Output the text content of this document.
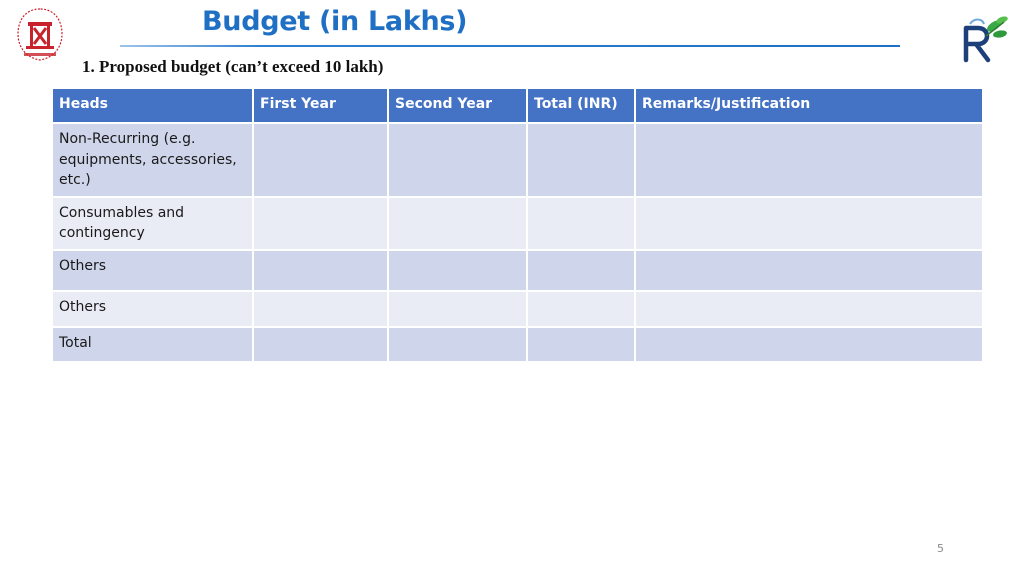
Budget (in Lakhs)
1. Proposed budget (can’t exceed 10 lakh)
Heads	First Year	Second Year	Total (INR)	Remarks/Justification
Non-Recurring (e.g. equipments, accessories, etc.)				
Consumables and contingency				
Others				
Others				
Total				
5
